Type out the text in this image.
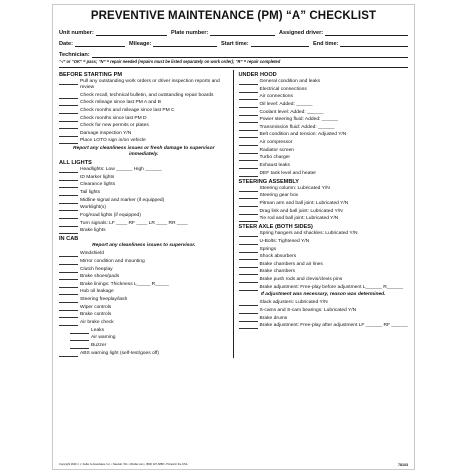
PREVENTIVE MAINTENANCE (PM) “A” CHECKLIST
Unit number:	Plate number:	Assigned driver:
Date:	Mileage:	Start time:	End time:
Technician:
“√” or “OK” = pass; “N” = repair needed (repairs must be listed separately on work order); “R” = repair completed
BEFORE STARTING PM
Pull any outstanding work orders or driver inspection reports and review
Check recall, technical bulletin, and outstanding repair boards
Check mileage since last PM A and B
Check months and mileage since last PM C
Check months since last PM D
Check for new permits or plates
Damage inspection Y/N
Place LOTO sign in/on vehicle
Report any cleanliness issues or fresh damage to supervisor immediately.
ALL LIGHTS
Headlights: Low ______ High ______
ID Marker lights
Clearance lights
Tail lights
Midline signal and marker (if equipped)
Worklight(s)
Fog/road lights (if equipped)
Turn signals: LF ____ RF ____ LR ____ RR ____
Brake lights
IN CAB
Report any cleanliness issues to supervisor.
Windshield
Mirror condition and mounting
Clutch freeplay
Brake shoes/pads
Brake linings: Thickness L_____ R_____
Hub oil leakage
Steering freeplay/lash
Wiper controls
Brake controls
Air brake check
Leaks
Air warning
Buzzer
ABS warning light (self-test/goes off)
UNDER HOOD
General condition and leaks
Electrical connections
Air connections
Oil level: Added: ______
Coolant level: Added: ______
Power steering fluid: Added: ______
Transmission fluid: Added: ______
Belt condition and tension: Adjusted Y/N
Air compressor
Radiator screen
Turbo charger
Exhaust leaks
DEF tank level and heater
STEERING ASSEMBLY
Steering column: Lubricated Y/N
Steering gear box
Pitman arm and ball joint: Lubricated Y/N
Drag link and ball joint: Lubricated Y/N
Tie rod and ball joint: Lubricated Y/N
STEER AXLE (BOTH SIDES)
Spring hangers and shackles: Lubricated Y/N
U-Bolts: Tightened Y/N
Springs
Shock absorbers
Brake chambers and air lines
Brake chambers
Brake push rods and clevis/clevis pins
Brake adjustment: Free-play before adjustment L______ R______
If adjustment was necessary, reason was determined.
Slack adjusters: Lubricated Y/N
S-cams and S-cam bearings: Lubricated Y/N
Brake drums
Brake adjustment: Free-play after adjustment LF ______ RF ______
Copyright 2020 J. J. Keller & Associates, Inc. • Neenah, WI • JJKeller.com • (800) 327-6868 • Printed in the USA	78103
